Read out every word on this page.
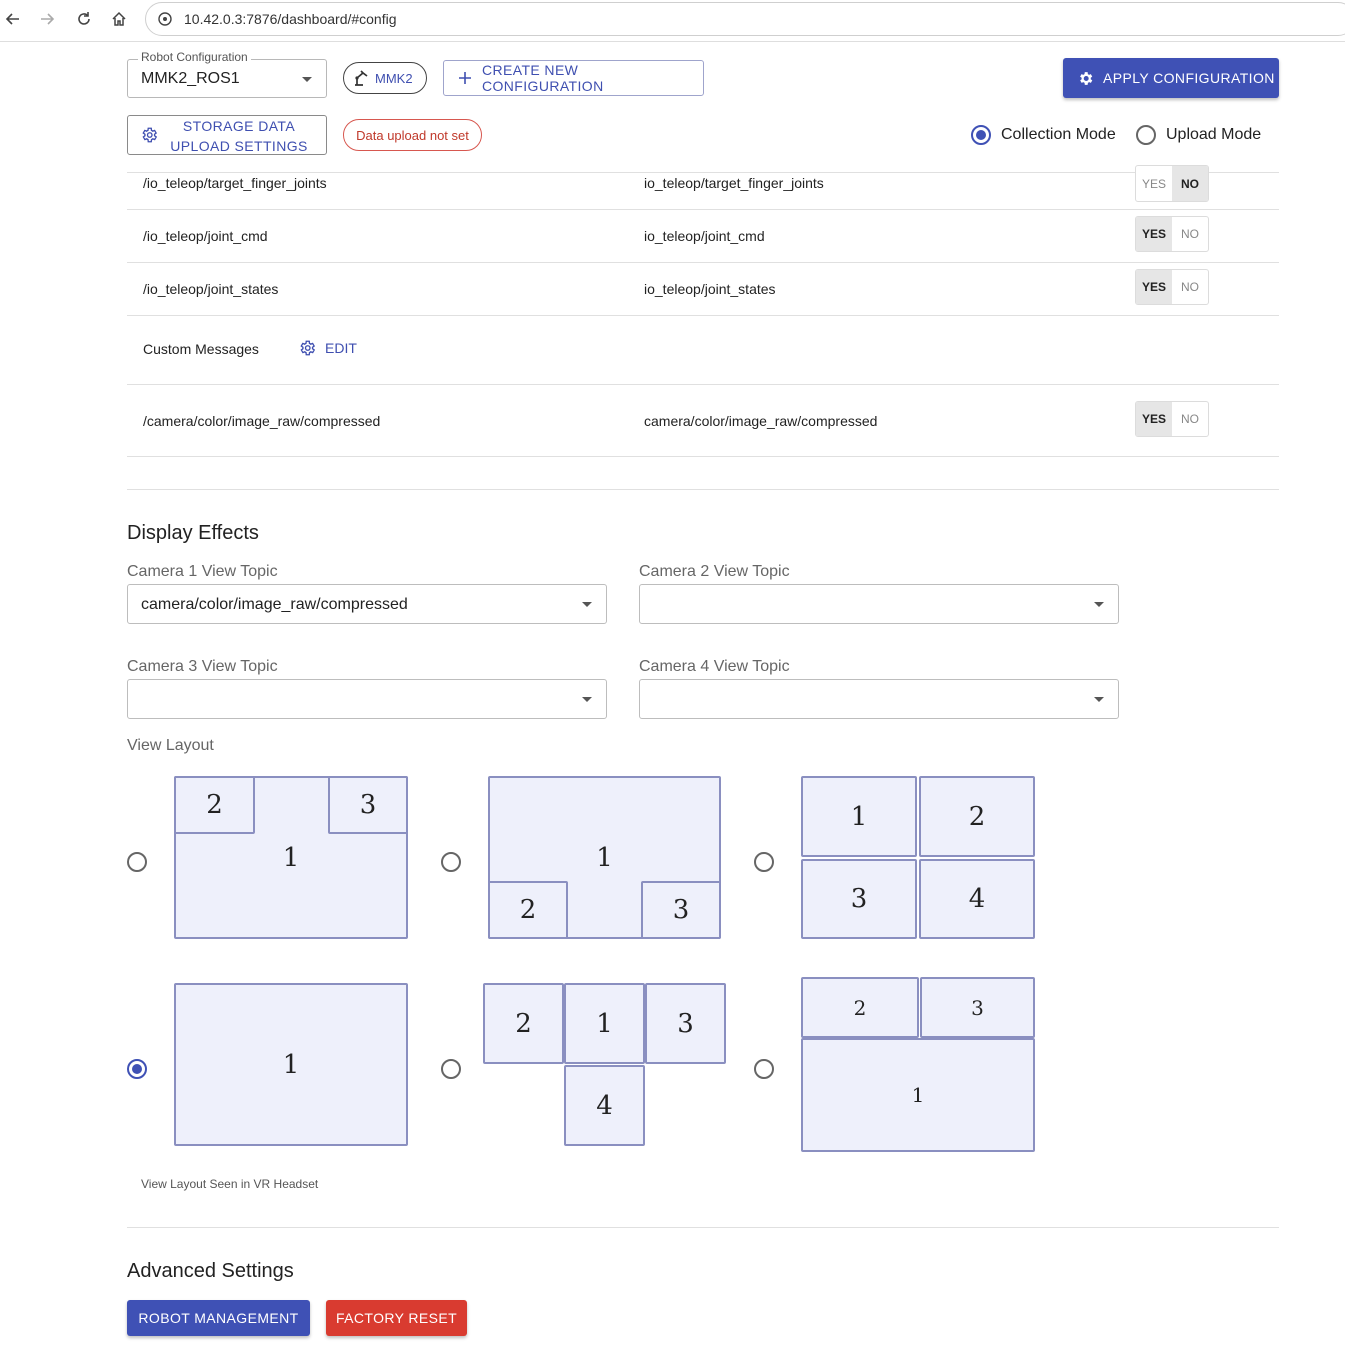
10.42.0.3:7876/dashboard/#config
MMK2_ROS1
Robot Configuration
MMK2	CREATE NEW CONFIGURATION	APPLY CONFIGURATION
STORAGE DATA
UPLOAD SETTINGS
Data upload not set	Collection Mode	Upload Mode
/io_teleop/target_finger_joints	io_teleop/target_finger_joints	YES	NO
/io_teleop/joint_cmd	io_teleop/joint_cmd	YES	NO
/io_teleop/joint_states	io_teleop/joint_states	YES	NO
Custom Messages	EDIT
/camera/color/image_raw/compressed	camera/color/image_raw/compressed	YES	NO
Display Effects
Camera 1 View Topic
camera/color/image_raw/compressed
Camera 2 View Topic
Camera 3 View Topic	Camera 4 View Topic
View Layout
1
2	3
1
2	3
1	2
3	4
1
2	1	3
4
2	3
1
View Layout Seen in VR Headset
Advanced Settings
ROBOT MANAGEMENT	FACTORY RESET
